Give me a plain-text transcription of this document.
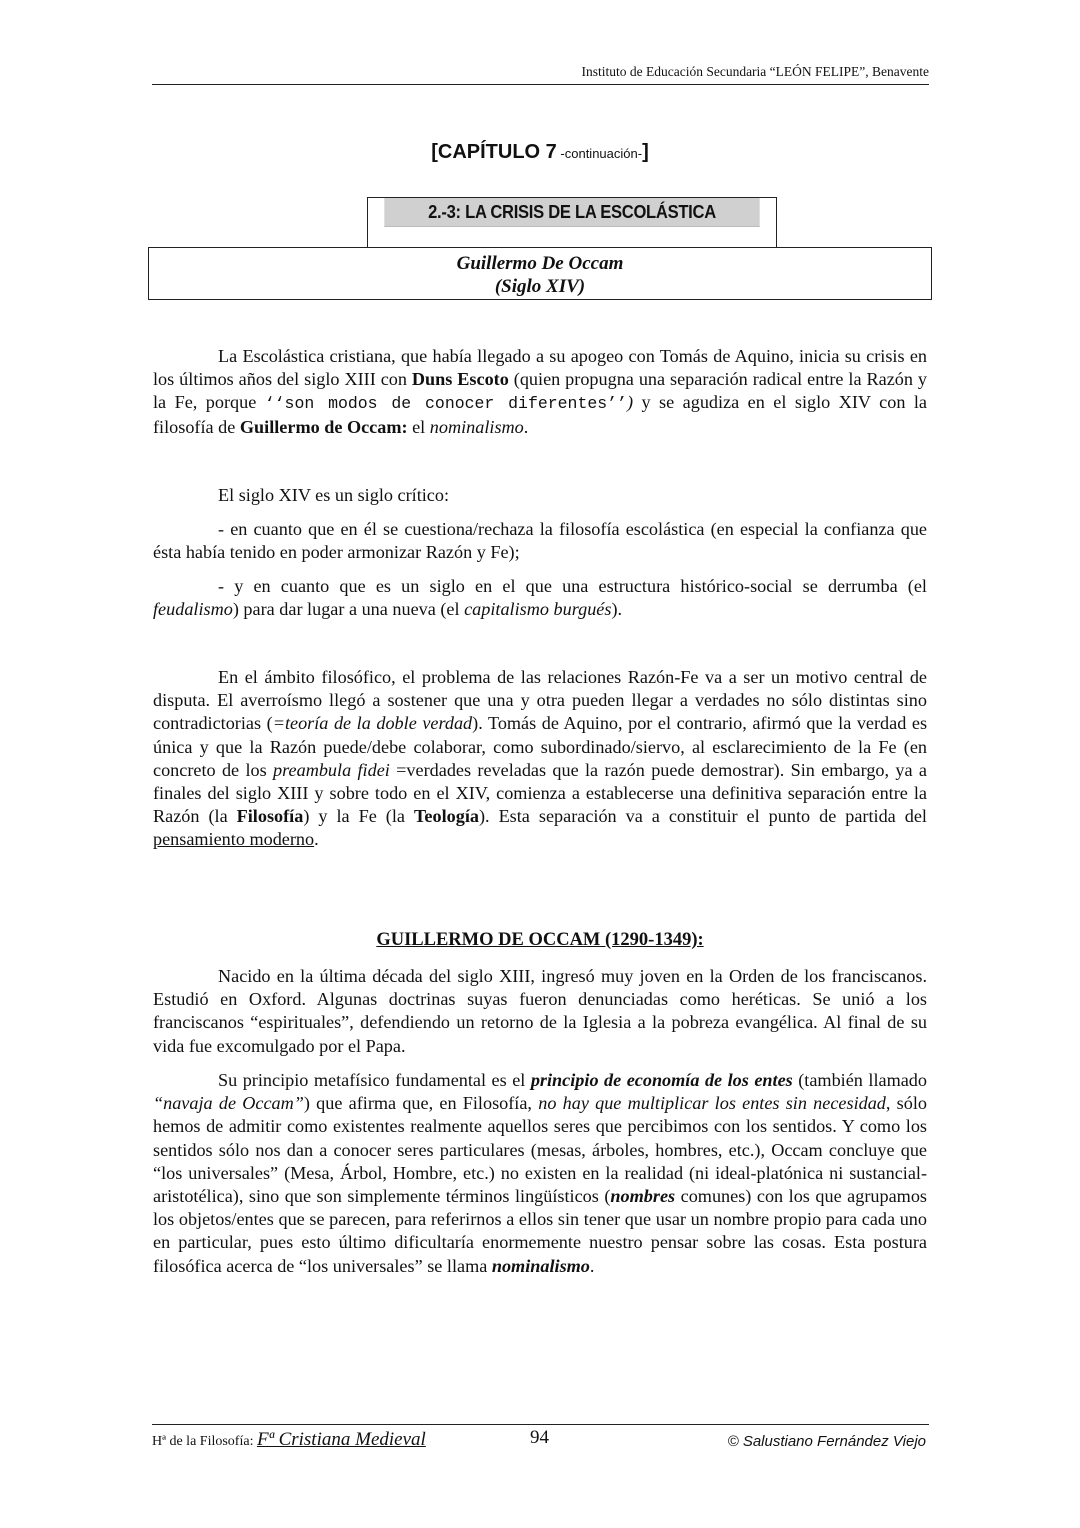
Instituto de Educación Secundaria “LEÓN FELIPE”, Benavente
[CAPÍTULO 7 -continuación-]
2.-3: LA CRISIS DE LA ESCOLÁSTICA
Guillermo De Occam
(Siglo XIV)

La Escolástica cristiana, que había llegado a su apogeo con Tomás de Aquino, inicia su crisis en los últimos años del siglo XIII con Duns Escoto (quien propugna una separación radical entre la Razón y la Fe, porque ‘‘son modos de conocer diferentes’’) y se agudiza en el siglo XIV con la filosofía de Guillermo de Occam: el nominalismo.

El siglo XIV es un siglo crítico:

- en cuanto que en él se cuestiona/rechaza la filosofía escolástica (en especial la confianza que ésta había tenido en poder armonizar Razón y Fe);

- y en cuanto que es un siglo en el que una estructura histórico-social se derrumba (el feudalismo) para dar lugar a una nueva (el capitalismo burgués).

En el ámbito filosófico, el problema de las relaciones Razón-Fe va a ser un motivo central de disputa. El averroísmo llegó a sostener que una y otra pueden llegar a verdades no sólo distintas sino contradictorias (=teoría de la doble verdad). Tomás de Aquino, por el contrario, afirmó que la verdad es única y que la Razón puede/debe colaborar, como subordinado/siervo, al esclarecimiento de la Fe (en concreto de los preambula fidei =verdades reveladas que la razón puede demostrar). Sin embargo, ya a finales del siglo XIII y sobre todo en el XIV, comienza a establecerse una definitiva separación entre la Razón (la Filosofía) y la Fe (la Teología). Esta separación va a constituir el punto de partida del pensamiento moderno.

GUILLERMO DE OCCAM (1290-1349):

Nacido en la última década del siglo XIII, ingresó muy joven en la Orden de los franciscanos. Estudió en Oxford. Algunas doctrinas suyas fueron denunciadas como heréticas. Se unió a los franciscanos “espirituales”, defendiendo un retorno de la Iglesia a la pobreza evangélica. Al final de su vida fue excomulgado por el Papa.

Su principio metafísico fundamental es el principio de economía de los entes (también llamado “navaja de Occam”) que afirma que, en Filosofía, no hay que multiplicar los entes sin necesidad, sólo hemos de admitir como existentes realmente aquellos seres que percibimos con los sentidos. Y como los sentidos sólo nos dan a conocer seres particulares (mesas, árboles, hombres, etc.), Occam concluye que “los universales” (Mesa, Árbol, Hombre, etc.) no existen en la realidad (ni ideal-platónica ni sustancial-aristotélica), sino que son simplemente términos lingüísticos (nombres comunes) con los que agrupamos los objetos/entes que se parecen, para referirnos a ellos sin tener que usar un nombre propio para cada uno en particular, pues esto último dificultaría enormemente nuestro pensar sobre las cosas. Esta postura filosófica acerca de “los universales” se llama nominalismo.

Hª de la Filosofía: Fª Cristiana Medieval	94	© Salustiano Fernández Viejo
